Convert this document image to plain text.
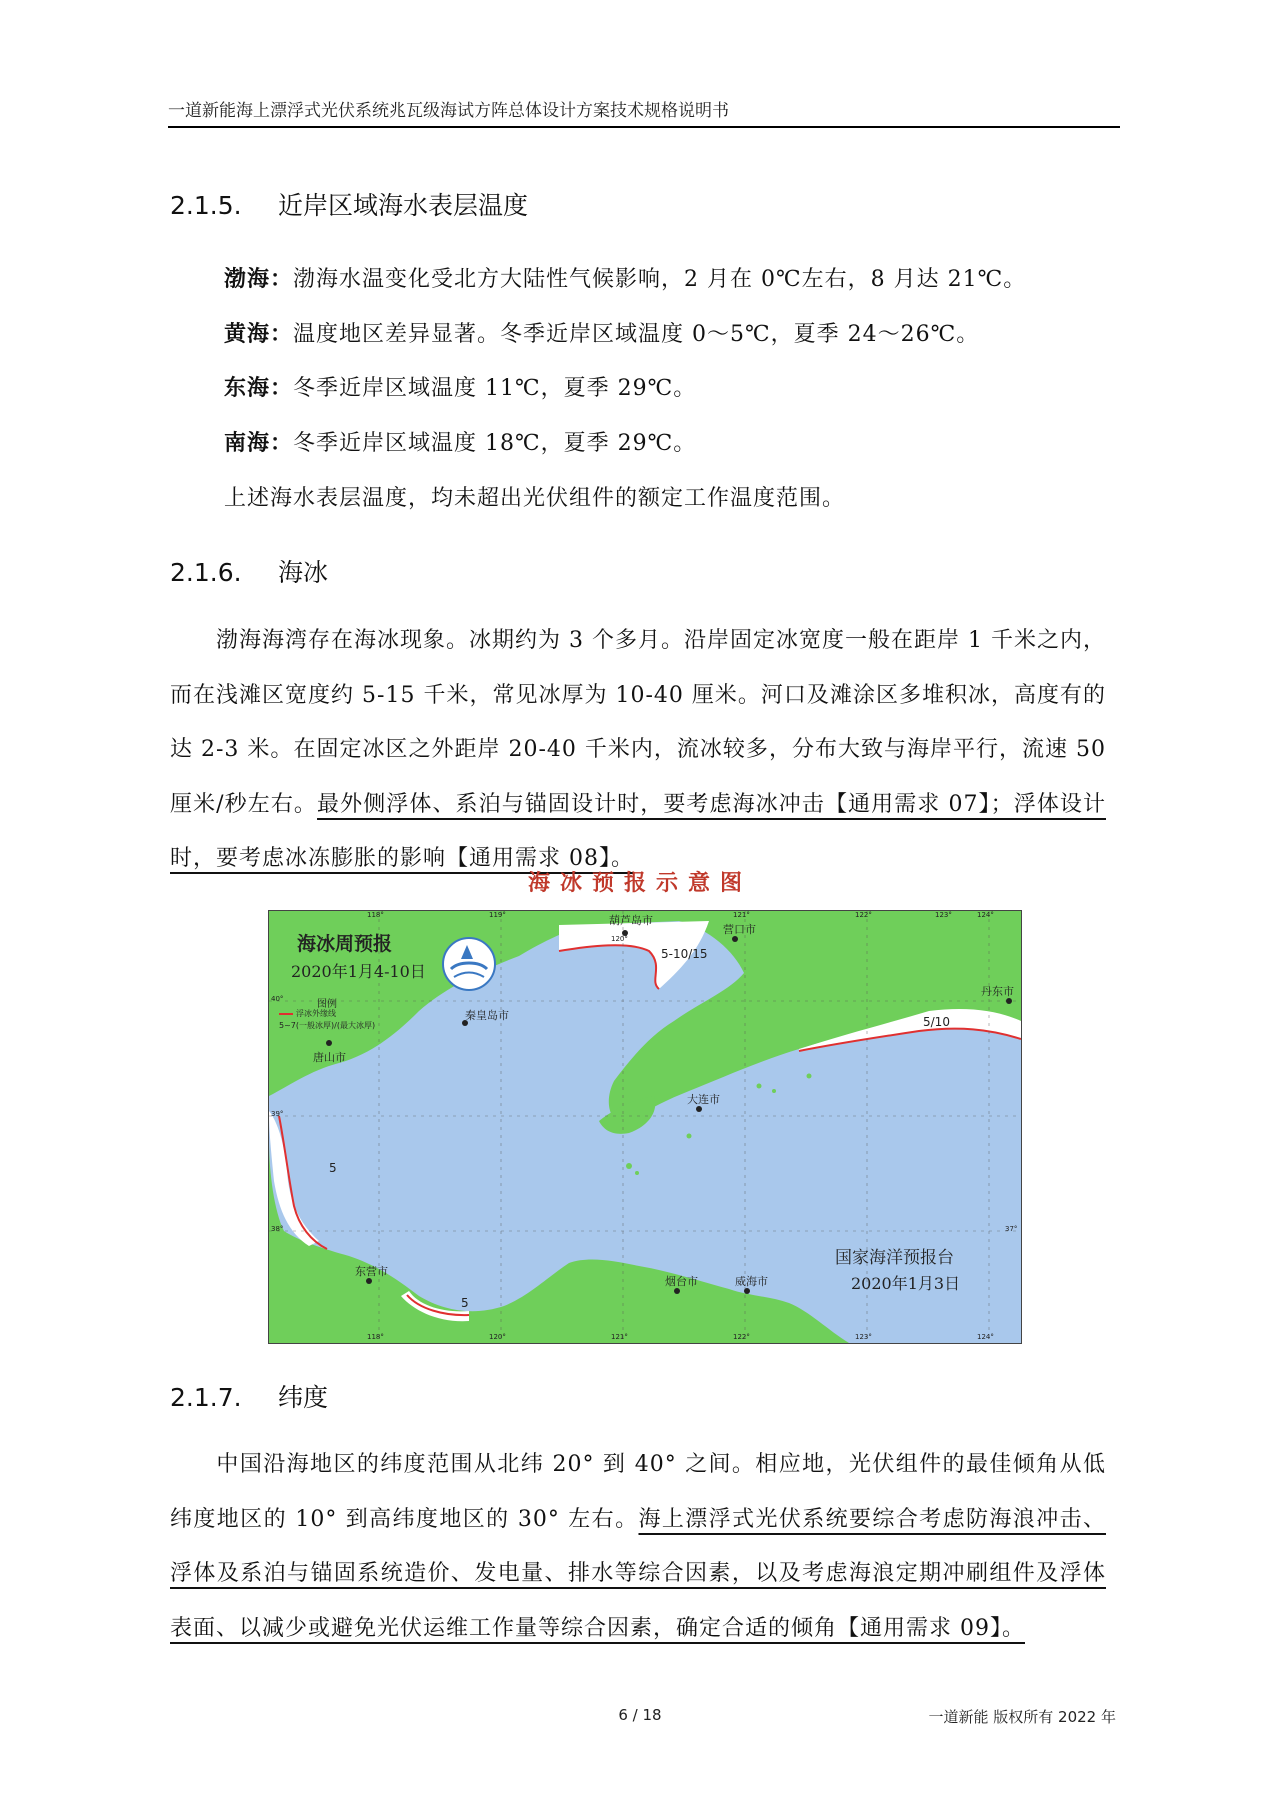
一道新能海上漂浮式光伏系统兆瓦级海试方阵总体设计方案技术规格说明书
2.1.5. 近岸区域海水表层温度
渤海：渤海水温变化受北方大陆性气候影响，2 月在 0℃左右，8 月达 21℃。
黄海：温度地区差异显著。冬季近岸区域温度 0～5℃，夏季 24～26℃。
东海：冬季近岸区域温度 11℃，夏季 29℃。
南海：冬季近岸区域温度 18℃，夏季 29℃。
上述海水表层温度，均未超出光伏组件的额定工作温度范围。
2.1.6. 海冰
渤海海湾存在海冰现象。冰期约为 3 个多月。沿岸固定冰宽度一般在距岸 1 千米之内，而在浅滩区宽度约 5-15 千米，常见冰厚为 10-40 厘米。河口及滩涂区多堆积冰，高度有的达 2-3 米。在固定冰区之外距岸 20-40 千米内，流冰较多，分布大致与海岸平行，流速 50 厘米/秒左右。最外侧浮体、系泊与锚固设计时，要考虑海冰冲击【通用需求 07】；浮体设计时，要考虑冰冻膨胀的影响【通用需求 08】。
海冰预报示意图
海冰周预报
2020年1月4-10日
图例
浮冰外缘线
5~7(一般冰厚)/(最大冰厚)
葫芦岛市
营口市
丹东市
秦皇岛市
唐山市
大连市
东营市
烟台市	威海市
5-10/15
5/10
5
5
国家海洋预报台
2020年1月3日
118°	119°
120°
121°	122°	123°	124°
118°	120°	121°	122°	123°	124°
40°
39°
38°	37°
2.1.7. 纬度
中国沿海地区的纬度范围从北纬 20° 到 40° 之间。相应地，光伏组件的最佳倾角从低纬度地区的 10° 到高纬度地区的 30° 左右。海上漂浮式光伏系统要综合考虑防海浪冲击、浮体及系泊与锚固系统造价、发电量、排水等综合因素，以及考虑海浪定期冲刷组件及浮体表面、以减少或避免光伏运维工作量等综合因素，确定合适的倾角【通用需求 09】。
6 / 18	一道新能 版权所有 2022 年
